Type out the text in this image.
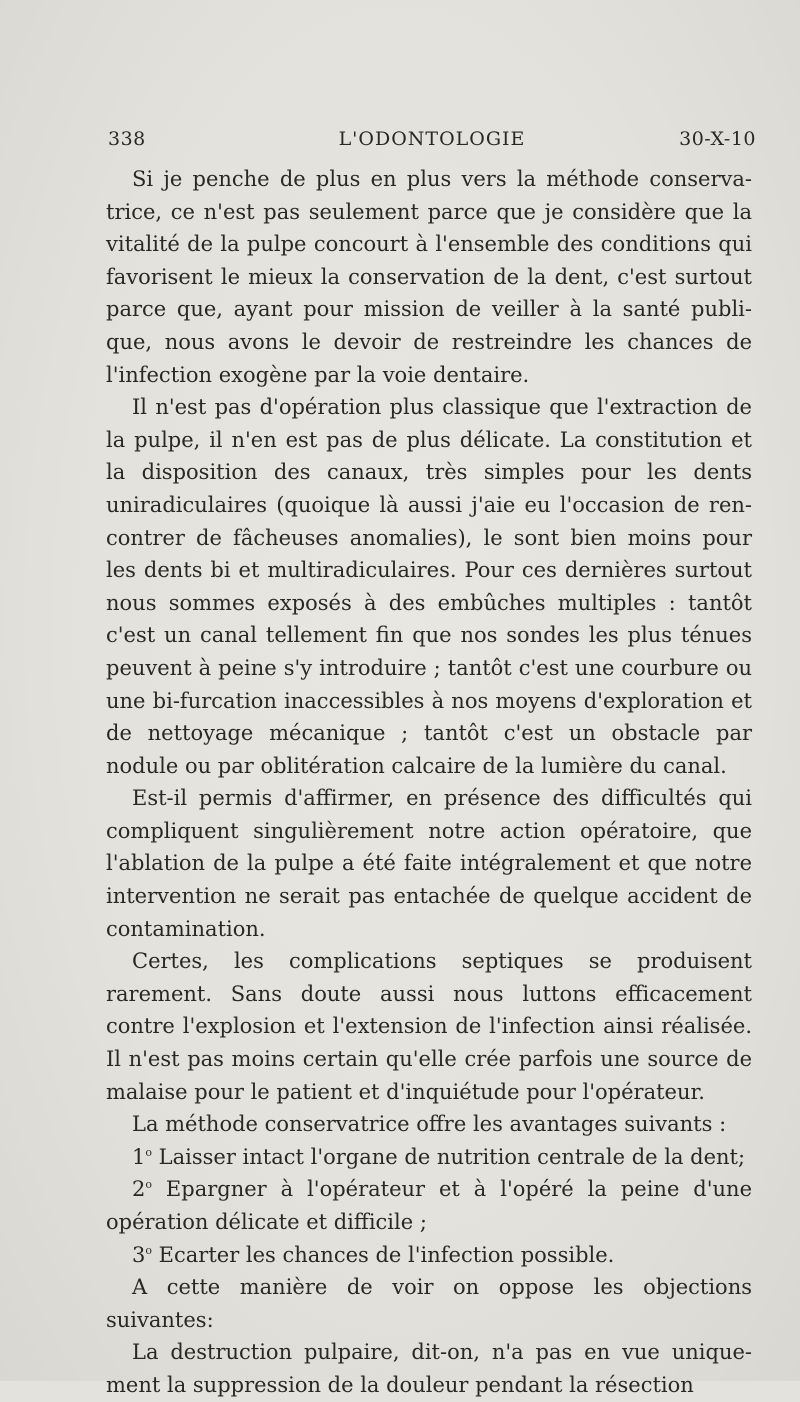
338	L'ODONTOLOGIE	30-X-10

Si je penche de plus en plus vers la méthode conserva-trice, ce n'est pas seulement parce que je considère que la vitalité de la pulpe concourt à l'ensemble des conditions qui favorisent le mieux la conservation de la dent, c'est surtout parce que, ayant pour mission de veiller à la santé publi-que, nous avons le devoir de restreindre les chances de l'infection exogène par la voie dentaire.

Il n'est pas d'opération plus classique que l'extraction de la pulpe, il n'en est pas de plus délicate. La constitution et la disposition des canaux, très simples pour les dents uniradiculaires (quoique là aussi j'aie eu l'occasion de ren-contrer de fâcheuses anomalies), le sont bien moins pour les dents bi et multiradiculaires. Pour ces dernières surtout nous sommes exposés à des embûches multiples : tantôt c'est un canal tellement fin que nos sondes les plus ténues peuvent à peine s'y introduire ; tantôt c'est une courbure ou une bi-furcation inaccessibles à nos moyens d'exploration et de nettoyage mécanique ; tantôt c'est un obstacle par nodule ou par oblitération calcaire de la lumière du canal.

Est-il permis d'affirmer, en présence des difficultés qui compliquent singulièrement notre action opératoire, que l'ablation de la pulpe a été faite intégralement et que notre intervention ne serait pas entachée de quelque accident de contamination.

Certes, les complications septiques se produisent rarement. Sans doute aussi nous luttons efficacement contre l'explosion et l'extension de l'infection ainsi réalisée. Il n'est pas moins certain qu'elle crée parfois une source de malaise pour le patient et d'inquiétude pour l'opérateur.

La méthode conservatrice offre les avantages suivants :

1$^o$ Laisser intact l'organe de nutrition centrale de la dent;

2$^o$ Epargner à l'opérateur et à l'opéré la peine d'une opération délicate et difficile ;

3$^o$ Ecarter les chances de l'infection possible.

A cette manière de voir on oppose les objections suivantes:

La destruction pulpaire, dit-on, n'a pas en vue unique-ment la suppression de la douleur pendant la résection
